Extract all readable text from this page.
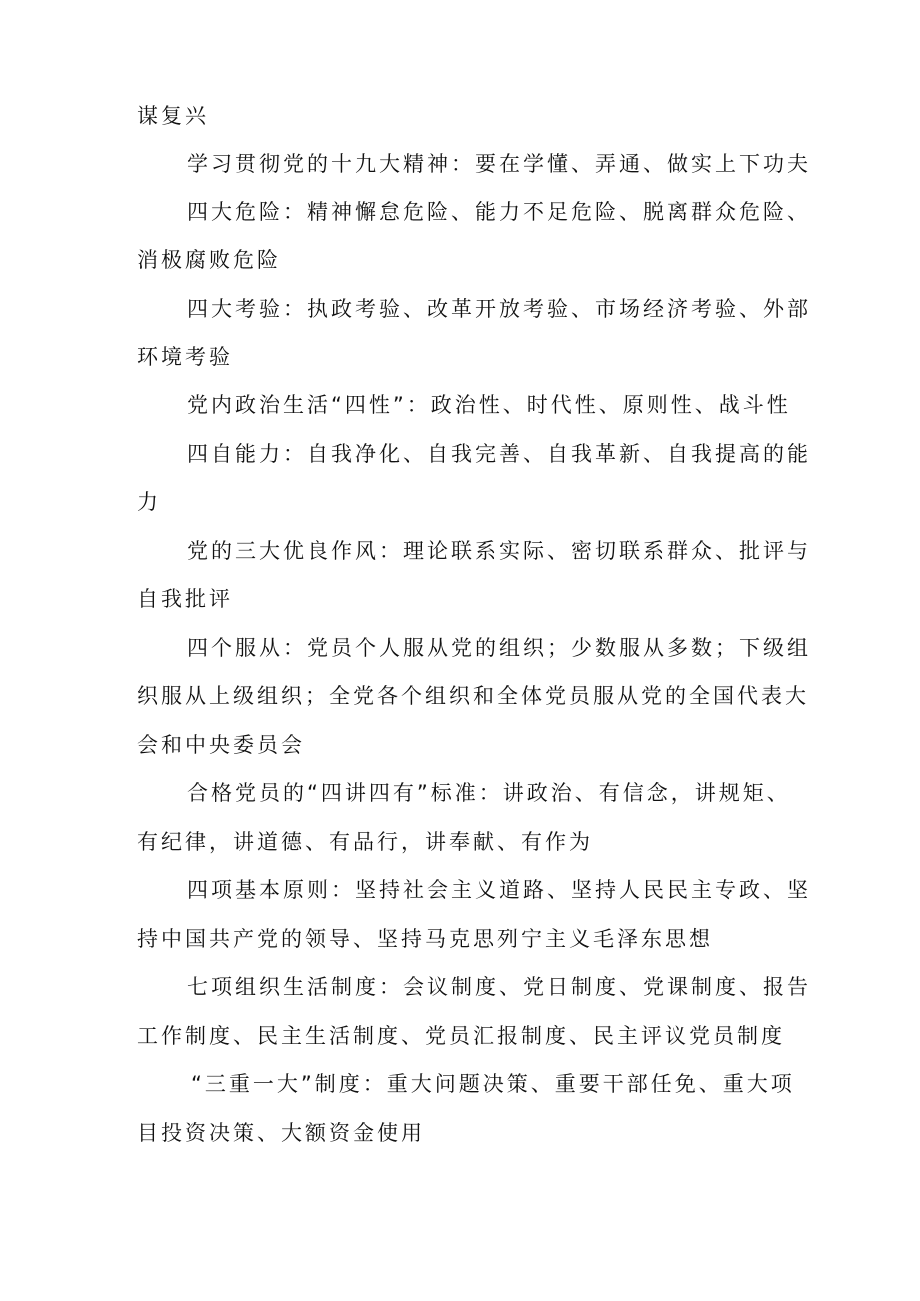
谋复兴
学习贯彻党的十九大精神：要在学懂、弄通、做实上下功夫
四大危险：精神懈怠危险、能力不足危险、脱离群众危险、
消极腐败危险
四大考验：执政考验、改革开放考验、市场经济考验、外部
环境考验
党内政治生活“四性”：政治性、时代性、原则性、战斗性
四自能力：自我净化、自我完善、自我革新、自我提高的能
力
党的三大优良作风：理论联系实际、密切联系群众、批评与
自我批评
四个服从：党员个人服从党的组织；少数服从多数；下级组
织服从上级组织；全党各个组织和全体党员服从党的全国代表大
会和中央委员会
合格党员的“四讲四有”标准：讲政治、有信念，讲规矩、
有纪律，讲道德、有品行，讲奉献、有作为
四项基本原则：坚持社会主义道路、坚持人民民主专政、坚
持中国共产党的领导、坚持马克思列宁主义毛泽东思想
七项组织生活制度：会议制度、党日制度、党课制度、报告
工作制度、民主生活制度、党员汇报制度、民主评议党员制度
“三重一大”制度：重大问题决策、重要干部任免、重大项
目投资决策、大额资金使用
